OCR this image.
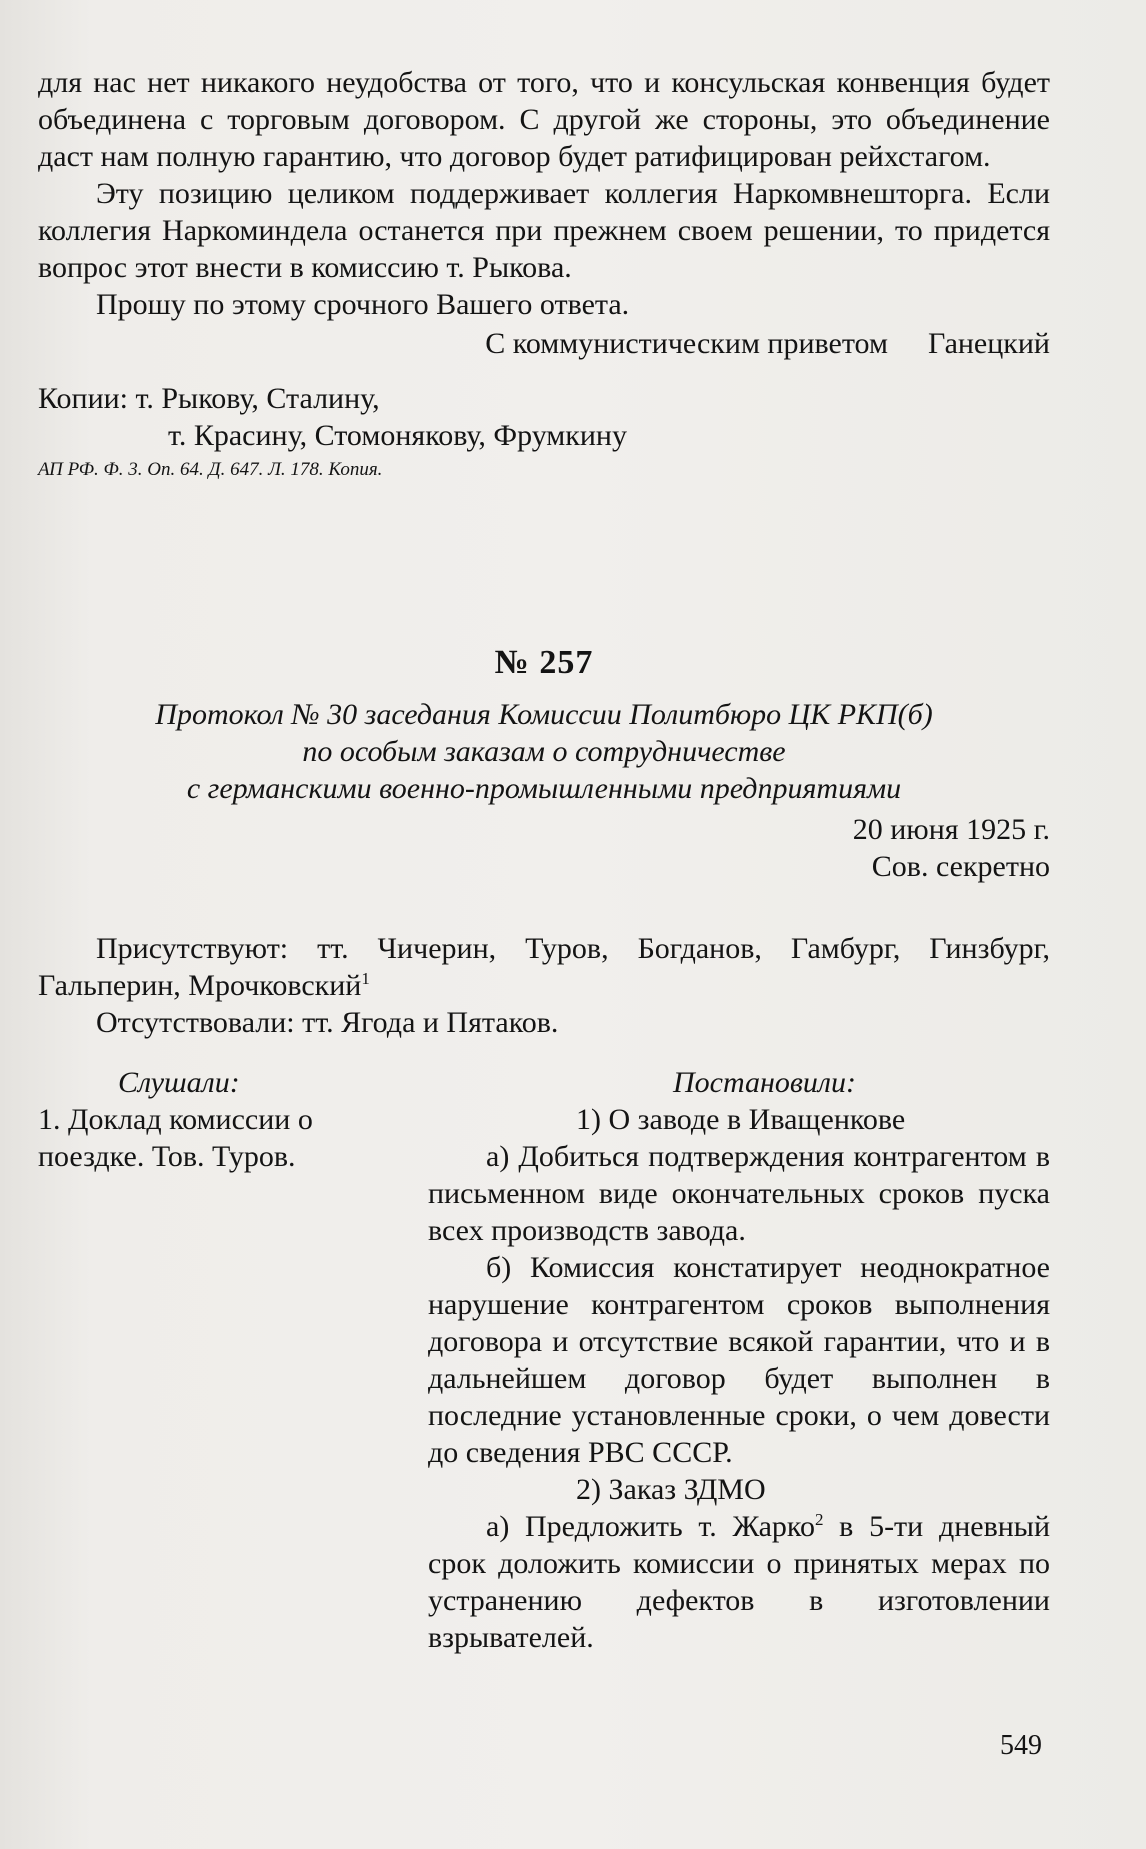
для нас нет никакого неудобства от того, что и консульская конвенция будет объединена с торговым договором. С другой же стороны, это объединение даст нам полную гарантию, что договор будет ратифицирован рейхстагом.

Эту позицию целиком поддерживает коллегия Наркомвнешторга. Если коллегия Наркоминдела останется при прежнем своем решении, то придется вопрос этот внести в комиссию т. Рыкова.

Прошу по этому срочного Вашего ответа.

С коммунистическим приветом Ганецкий

Копии: т. Рыкову, Сталину,

т. Красину, Стомонякову, Фрумкину

АП РФ. Ф. 3. Оп. 64. Д. 647. Л. 178. Копия.

№ 257

Протокол № 30 заседания Комиссии Политбюро ЦК РКП(б)

по особым заказам о сотрудничестве

с германскими военно-промышленными предприятиями

20 июня 1925 г.

Сов. секретно

Присутствуют: тт. Чичерин, Туров, Богданов, Гамбург, Гинзбург, Гальперин, Мрочковский$^1$

Отсутствовали: тт. Ягода и Пятаков.

Слушали:

1. Доклад комиссии о поездке. Тов. Туров.

Постановили:

1) О заводе в Иващенкове

а) Добиться подтверждения контрагентом в письменном виде окончательных сроков пуска всех производств завода.

б) Комиссия констатирует неоднократное нарушение контрагентом сроков выполнения договора и отсутствие всякой гарантии, что и в дальнейшем договор будет выполнен в последние установленные сроки, о чем довести до сведения РВС СССР.

2) Заказ ЗДМО

а) Предложить т. Жарко$^2$ в 5-ти дневный срок доложить комиссии о принятых мерах по устранению дефектов в изготовлении взрывателей.

549
